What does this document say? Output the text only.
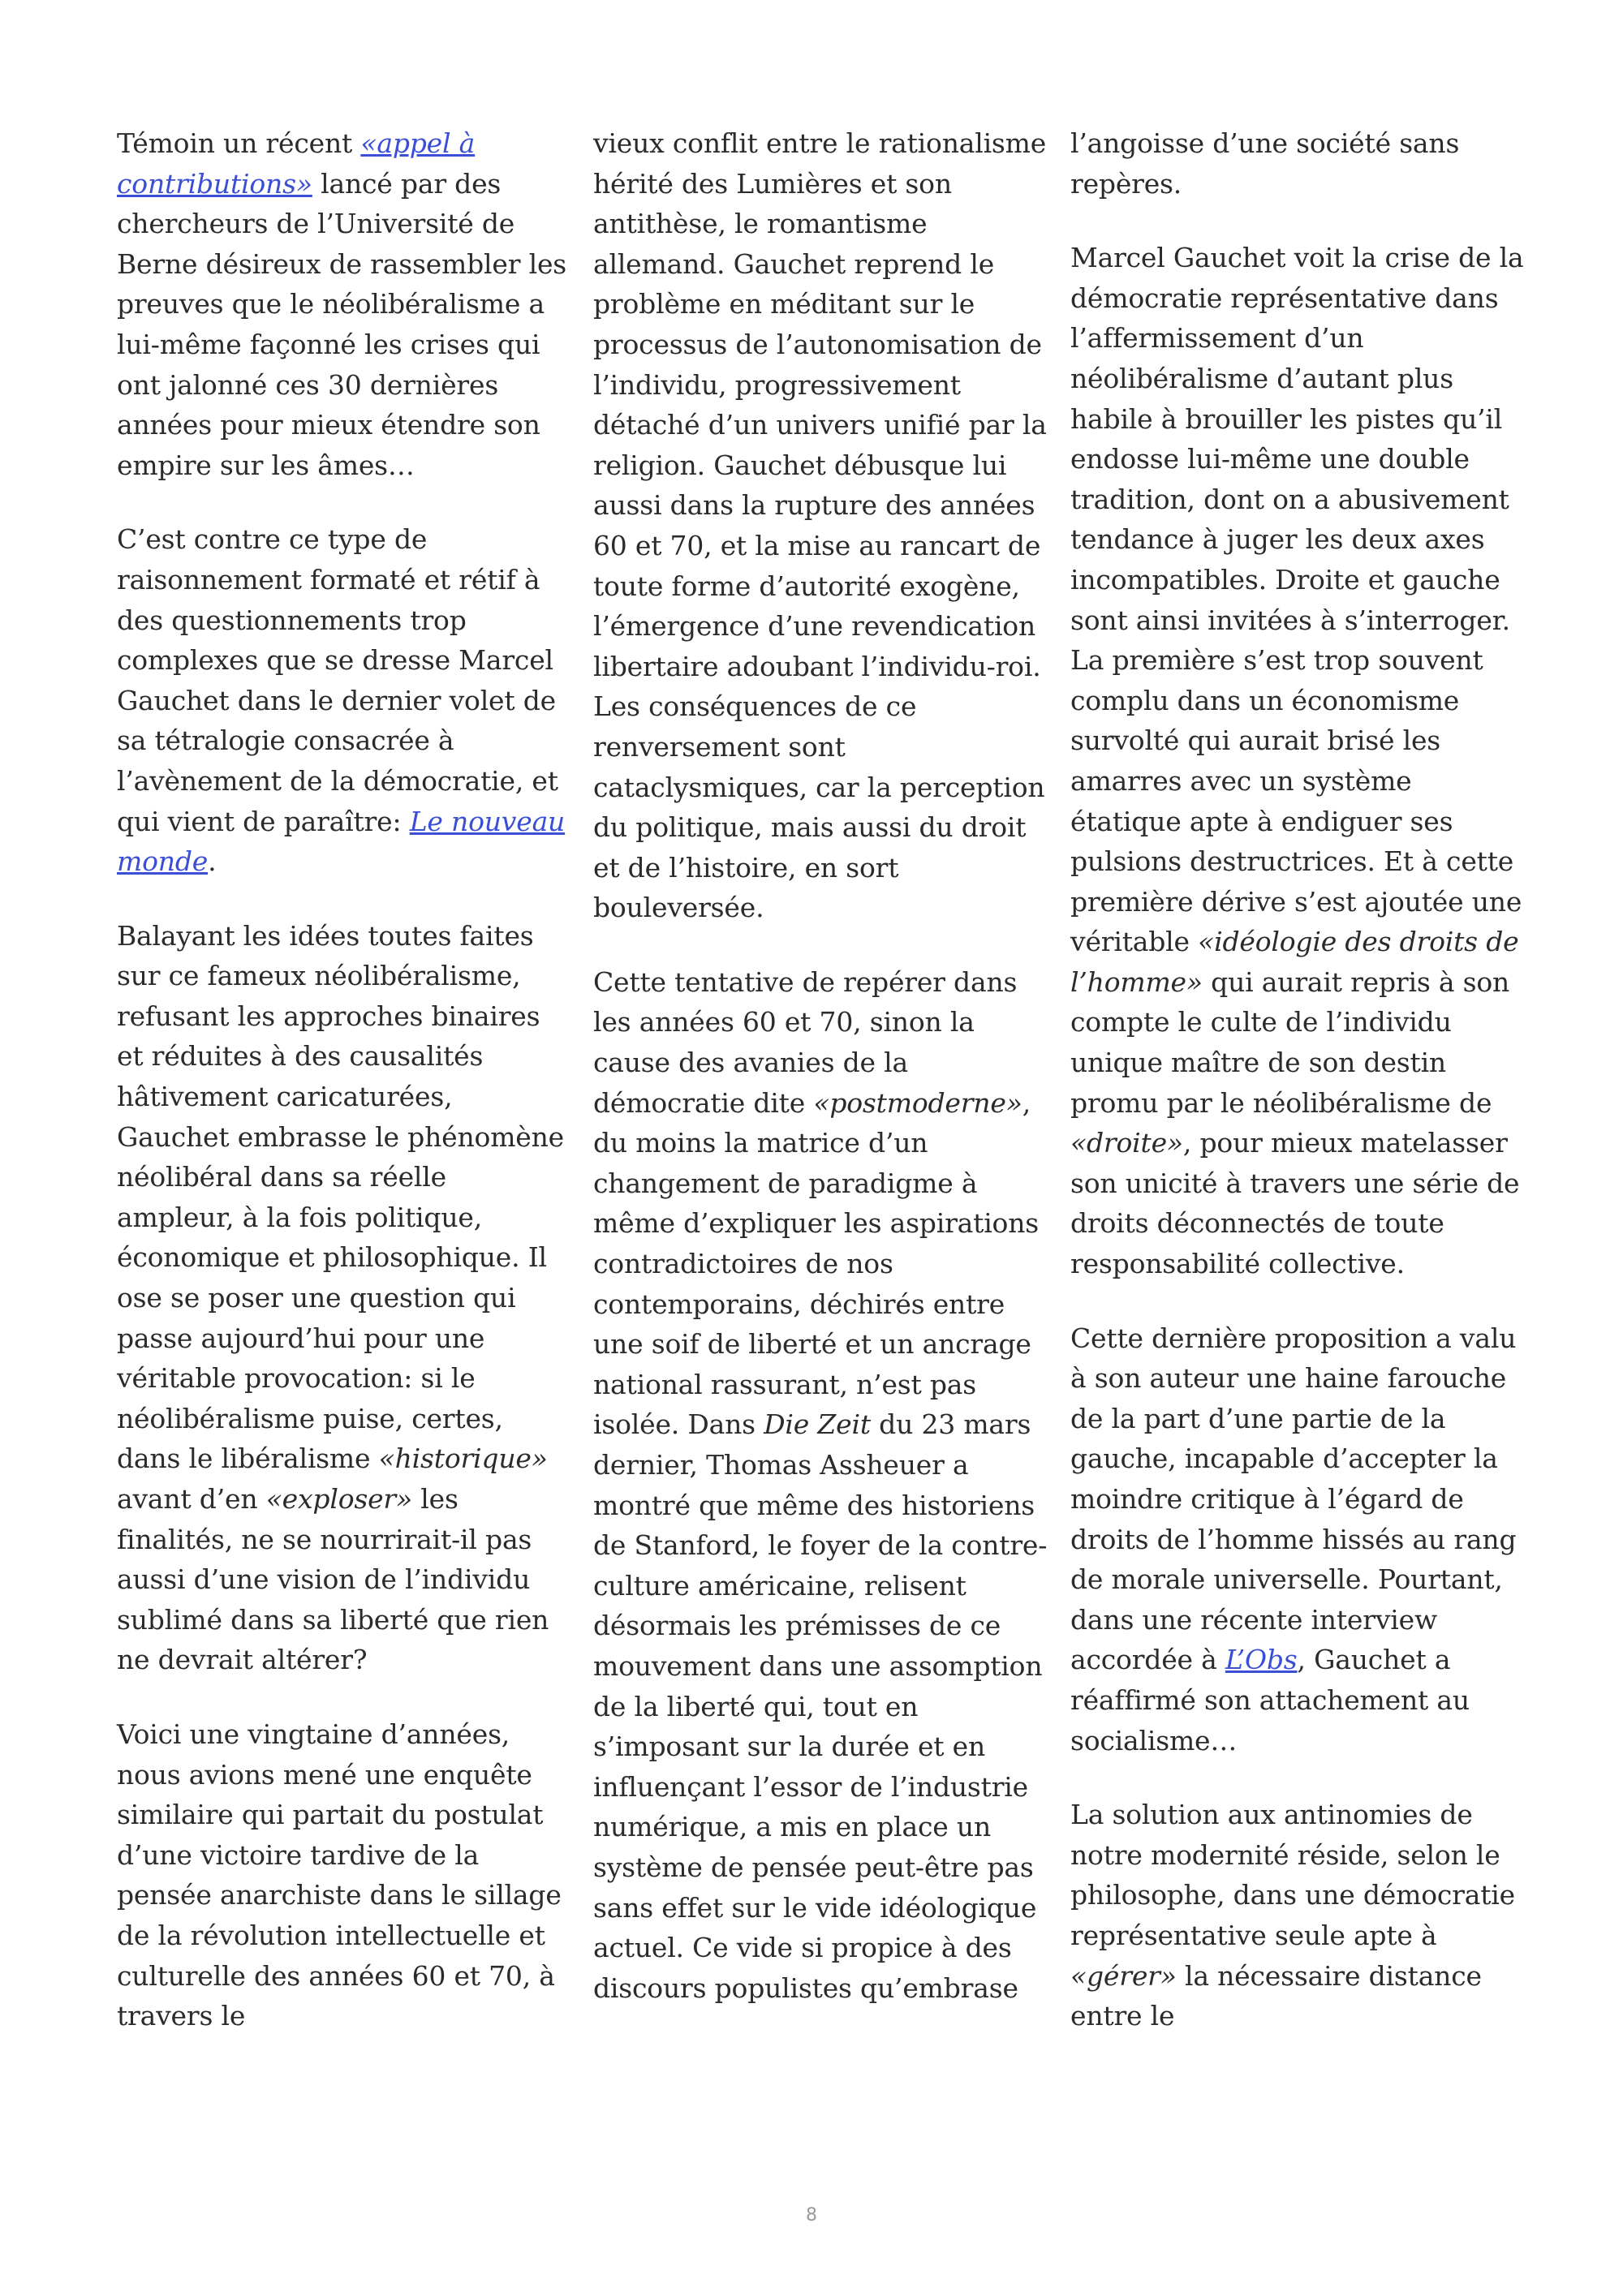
Témoin un récent «appel à contributions» lancé par des chercheurs de l’Université de Berne désireux de rassembler les preuves que le néolibéralisme a lui-même façonné les crises qui ont jalonné ces 30 dernières années pour mieux étendre son empire sur les âmes…

C’est contre ce type de raisonnement formaté et rétif à des questionnements trop complexes que se dresse Marcel Gauchet dans le dernier volet de sa tétralogie consacrée à l’avènement de la démocratie, et qui vient de paraître: Le nouveau monde.

Balayant les idées toutes faites sur ce fameux néolibéralisme, refusant les approches binaires et réduites à des causalités hâtivement caricaturées, Gauchet embrasse le phénomène néolibéral dans sa réelle ampleur, à la fois politique, économique et philosophique. Il ose se poser une question qui passe aujourd’hui pour une véritable provocation: si le néolibéralisme puise, certes, dans le libéralisme «historique» avant d’en «exploser» les finalités, ne se nourrirait-il pas aussi d’une vision de l’individu sublimé dans sa liberté que rien ne devrait altérer?

Voici une vingtaine d’années, nous avions mené une enquête similaire qui partait du postulat d’une victoire tardive de la pensée anarchiste dans le sillage de la révolution intellectuelle et culturelle des années 60 et 70, à travers le

vieux conflit entre le rationalisme hérité des Lumières et son antithèse, le romantisme allemand. Gauchet reprend le problème en méditant sur le processus de l’autonomisation de l’individu, progressivement détaché d’un univers unifié par la religion. Gauchet débusque lui aussi dans la rupture des années 60 et 70, et la mise au rancart de toute forme d’autorité exogène, l’émergence d’une revendication libertaire adoubant l’individu-roi. Les conséquences de ce renversement sont cataclysmiques, car la perception du politique, mais aussi du droit et de l’histoire, en sort bouleversée.

Cette tentative de repérer dans les années 60 et 70, sinon la cause des avanies de la démocratie dite «postmoderne», du moins la matrice d’un changement de paradigme à même d’expliquer les aspirations contradictoires de nos contemporains, déchirés entre une soif de liberté et un ancrage national rassurant, n’est pas isolée. Dans Die Zeit du 23 mars dernier, Thomas Assheuer a montré que même des historiens de Stanford, le foyer de la contre-culture américaine, relisent désormais les prémisses de ce mouvement dans une assomption de la liberté qui, tout en s’imposant sur la durée et en influençant l’essor de l’industrie numérique, a mis en place un système de pensée peut-être pas sans effet sur le vide idéologique actuel. Ce vide si propice à des discours populistes qu’embrase

l’angoisse d’une société sans repères.

Marcel Gauchet voit la crise de la démocratie représentative dans l’affermissement d’un néolibéralisme d’autant plus habile à brouiller les pistes qu’il endosse lui-même une double tradition, dont on a abusivement tendance à juger les deux axes incompatibles. Droite et gauche sont ainsi invitées à s’interroger. La première s’est trop souvent complu dans un économisme survolté qui aurait brisé les amarres avec un système étatique apte à endiguer ses pulsions destructrices. Et à cette première dérive s’est ajoutée une véritable «idéologie des droits de l’homme» qui aurait repris à son compte le culte de l’individu unique maître de son destin promu par le néolibéralisme de «droite», pour mieux matelasser son unicité à travers une série de droits déconnectés de toute responsabilité collective.

Cette dernière proposition a valu à son auteur une haine farouche de la part d’une partie de la gauche, incapable d’accepter la moindre critique à l’égard de droits de l’homme hissés au rang de morale universelle. Pourtant, dans une récente interview accordée à L’Obs, Gauchet a réaffirmé son attachement au socialisme…

La solution aux antinomies de notre modernité réside, selon le philosophe, dans une démocratie représentative seule apte à «gérer» la nécessaire distance entre le

8
